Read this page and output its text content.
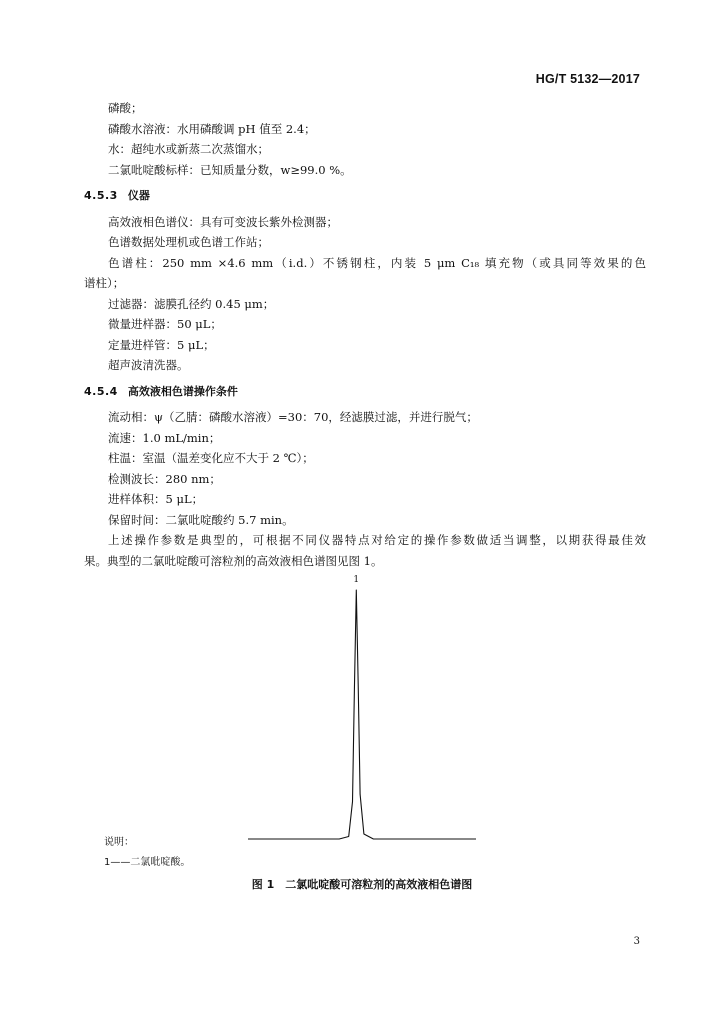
HG/T 5132—2017
磷酸；
磷酸水溶液：水用磷酸调 pH 值至 2.4；
水：超纯水或新蒸二次蒸馏水；
二氯吡啶酸标样：已知质量分数，w≥99.0 %。
4.5.3 仪器
高效液相色谱仪：具有可变波长紫外检测器；
色谱数据处理机或色谱工作站；
色谱柱：250 mm ×4.6 mm（i.d.）不锈钢柱，内装 5 μm C₁₈ 填充物（或具同等效果的色
谱柱）；
过滤器：滤膜孔径约 0.45 μm；
微量进样器：50 μL；
定量进样管：5 μL；
超声波清洗器。
4.5.4 高效液相色谱操作条件
流动相：ψ（乙腈：磷酸水溶液）=30：70，经滤膜过滤，并进行脱气；
流速：1.0 mL/min；
柱温：室温（温差变化应不大于 2 ℃）；
检测波长：280 nm；
进样体积：5 μL；
保留时间：二氯吡啶酸约 5.7 min。
上述操作参数是典型的，可根据不同仪器特点对给定的操作参数做适当调整，以期获得最佳效
果。典型的二氯吡啶酸可溶粒剂的高效液相色谱图见图 1。
1
说明：
1——二氯吡啶酸。
图 1　二氯吡啶酸可溶粒剂的高效液相色谱图
3
